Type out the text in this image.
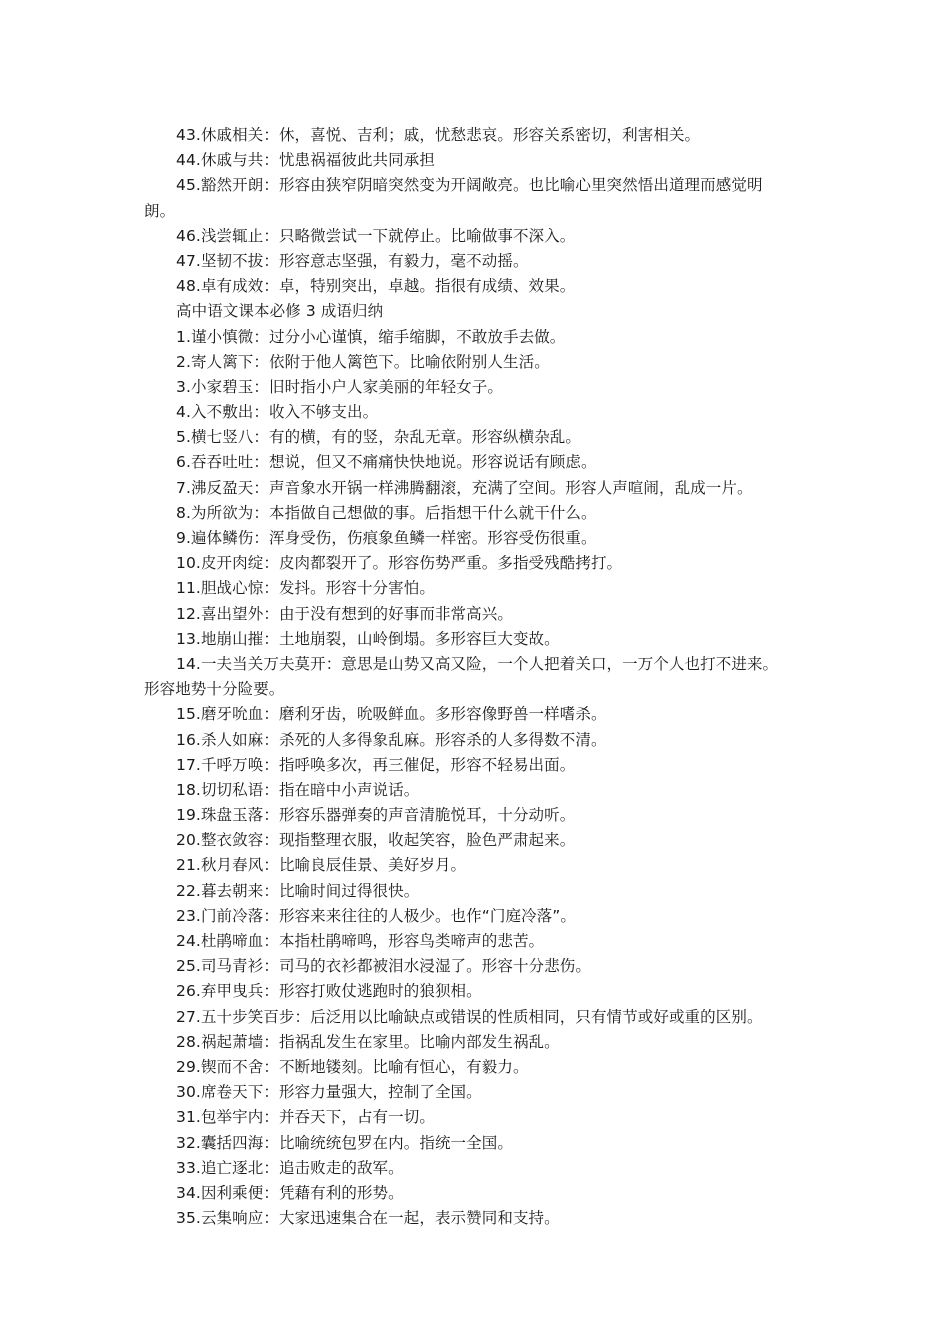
43.休戚相关：休，喜悦、吉利；戚，忧愁悲哀。形容关系密切，利害相关。
44.休戚与共：忧患祸福彼此共同承担
45.豁然开朗：形容由狭窄阴暗突然变为开阔敞亮。也比喻心里突然悟出道理而感觉明
朗。
46.浅尝辄止：只略微尝试一下就停止。比喻做事不深入。
47.坚韧不拔：形容意志坚强，有毅力，毫不动摇。
48.卓有成效：卓，特别突出，卓越。指很有成绩、效果。
高中语文课本必修 3 成语归纳
1.谨小慎微：过分小心谨慎，缩手缩脚，不敢放手去做。
2.寄人篱下：依附于他人篱笆下。比喻依附别人生活。
3.小家碧玉：旧时指小户人家美丽的年轻女子。
4.入不敷出：收入不够支出。
5.横七竖八：有的横，有的竖，杂乱无章。形容纵横杂乱。
6.吞吞吐吐：想说，但又不痛痛快快地说。形容说话有顾虑。
7.沸反盈天：声音象水开锅一样沸腾翻滚，充满了空间。形容人声喧闹，乱成一片。
8.为所欲为：本指做自己想做的事。后指想干什么就干什么。
9.遍体鳞伤：浑身受伤，伤痕象鱼鳞一样密。形容受伤很重。
10.皮开肉绽：皮肉都裂开了。形容伤势严重。多指受残酷拷打。
11.胆战心惊：发抖。形容十分害怕。
12.喜出望外：由于没有想到的好事而非常高兴。
13.地崩山摧：土地崩裂，山岭倒塌。多形容巨大变故。
14.一夫当关万夫莫开：意思是山势又高又险，一个人把着关口，一万个人也打不进来。
形容地势十分险要。
15.磨牙吮血：磨利牙齿，吮吸鲜血。多形容像野兽一样嗜杀。
16.杀人如麻：杀死的人多得象乱麻。形容杀的人多得数不清。
17.千呼万唤：指呼唤多次，再三催促，形容不轻易出面。
18.切切私语：指在暗中小声说话。
19.珠盘玉落：形容乐器弹奏的声音清脆悦耳，十分动听。
20.整衣敛容：现指整理衣服，收起笑容，脸色严肃起来。
21.秋月春风：比喻良辰佳景、美好岁月。
22.暮去朝来：比喻时间过得很快。
23.门前冷落：形容来来往往的人极少。也作“门庭冷落”。
24.杜鹃啼血：本指杜鹃啼鸣，形容鸟类啼声的悲苦。
25.司马青衫：司马的衣衫都被泪水浸湿了。形容十分悲伤。
26.弃甲曳兵：形容打败仗逃跑时的狼狈相。
27.五十步笑百步：后泛用以比喻缺点或错误的性质相同，只有情节或好或重的区别。
28.祸起萧墙：指祸乱发生在家里。比喻内部发生祸乱。
29.锲而不舍：不断地镂刻。比喻有恒心，有毅力。
30.席卷天下：形容力量强大，控制了全国。
31.包举宇内：并吞天下，占有一切。
32.囊括四海：比喻统统包罗在内。指统一全国。
33.追亡逐北：追击败走的敌军。
34.因利乘便：凭藉有利的形势。
35.云集响应：大家迅速集合在一起，表示赞同和支持。
